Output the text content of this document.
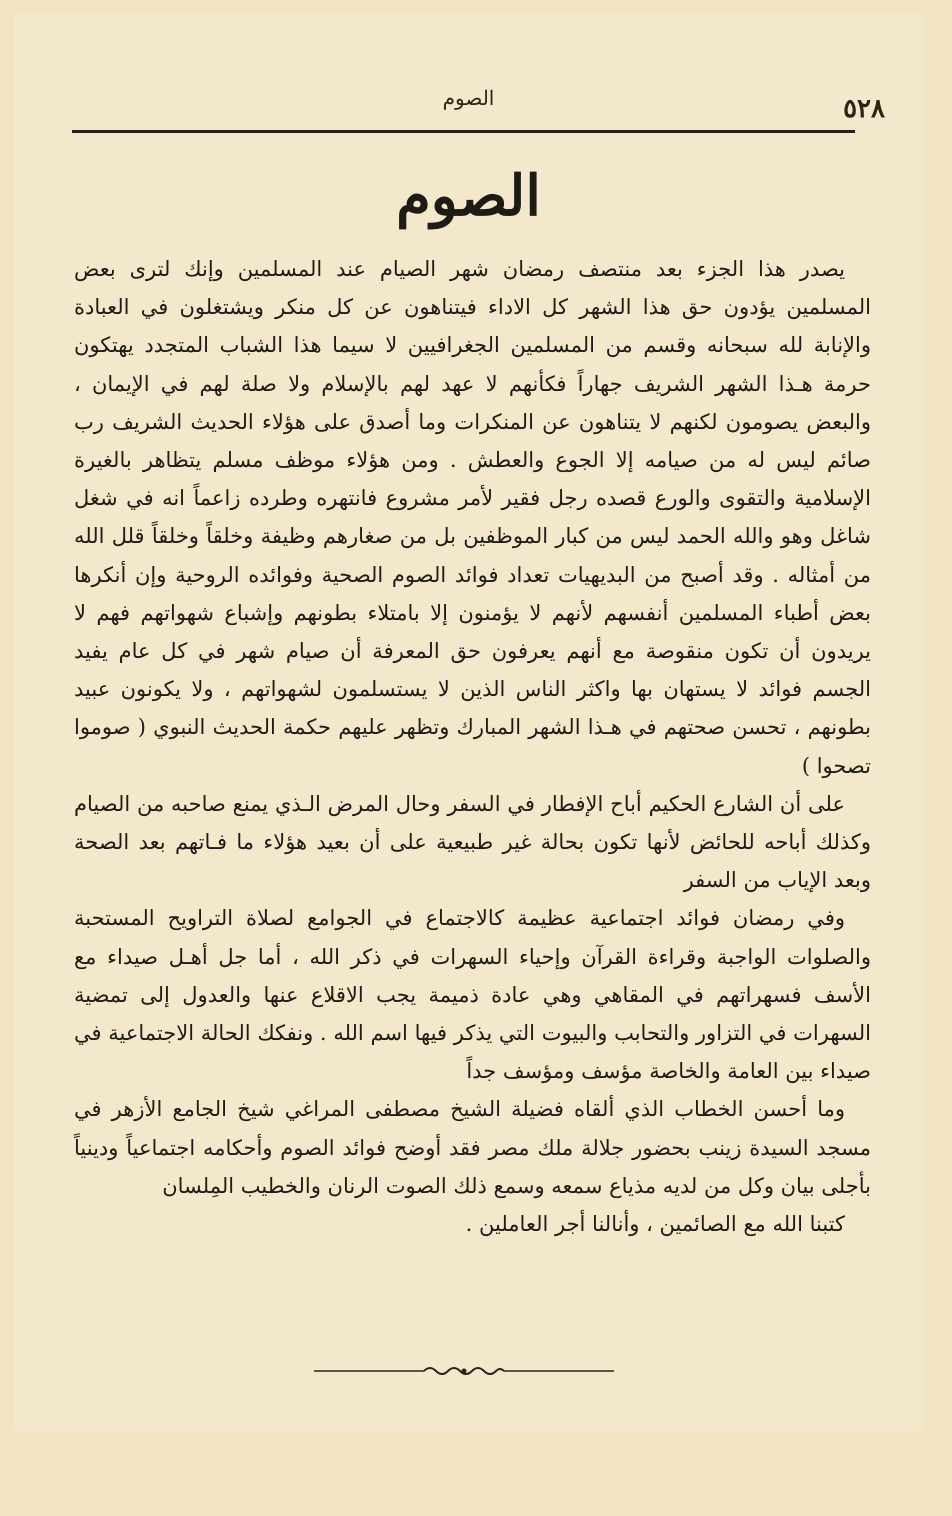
٥٢٨
الصوم
الصوم

يصدر هذا الجزء بعد منتصف رمضان شهر الصيام عند المسلمين وإنك لترى بعض المسلمين يؤدون حق هذا الشهر كل الاداء فيتناهون عن كل منكر ويشتغلون في العبادة والإنابة لله سبحانه وقسم من المسلمين الجغرافيين لا سيما هذا الشباب المتجدد يهتكون حرمة هـذا الشهر الشريف جهاراً فكأنهم لا عهد لهم بالإسلام ولا صلة لهم في الإيمان ، والبعض يصومون لكنهم لا يتناهون عن المنكرات وما أصدق على هؤلاء الحديث الشريف رب صائم ليس له من صيامه إلا الجوع والعطش . ومن هؤلاء موظف مسلم يتظاهر بالغيرة الإسلامية والتقوى والورع قصده رجل فقير لأمر مشروع فانتهره وطرده زاعماً انه في شغل شاغل وهو والله الحمد ليس من كبار الموظفين بل من صغارهم وظيفة وخلقاً وخلقاً قلل الله من أمثاله . وقد أصبح من البديهيات تعداد فوائد الصوم الصحية وفوائده الروحية وإن أنكرها بعض أطباء المسلمين أنفسهم لأنهم لا يؤمنون إلا بامتلاء بطونهم وإشباع شهواتهم فهم لا يريدون أن تكون منقوصة مع أنهم يعرفون حق المعرفة أن صيام شهر في كل عام يفيد الجسم فوائد لا يستهان بها واكثر الناس الذين لا يستسلمون لشهواتهم ، ولا يكونون عبيد بطونهم ، تحسن صحتهم في هـذا الشهر المبارك وتظهر عليهم حكمة الحديث النبوي ( صوموا تصحوا )

على أن الشارع الحكيم أباح الإفطار في السفر وحال المرض الـذي يمنع صاحبه من الصيام وكذلك أباحه للحائض لأنها تكون بحالة غير طبيعية على أن بعيد هؤلاء ما فـاتهم بعد الصحة وبعد الإياب من السفر

وفي رمضان فوائد اجتماعية عظيمة كالاجتماع في الجوامع لصلاة التراويح المستحبة والصلوات الواجبة وقراءة القرآن وإحياء السهرات في ذكر الله ، أما جل أهـل صيداء مع الأسف فسهراتهم في المقاهي وهي عادة ذميمة يجب الاقلاع عنها والعدول إلى تمضية السهرات في التزاور والتحابب والبيوت التي يذكر فيها اسم الله . ونفكك الحالة الاجتماعية في صيداء بين العامة والخاصة مؤسف ومؤسف جداً

وما أحسن الخطاب الذي ألقاه فضيلة الشيخ مصطفى المراغي شيخ الجامع الأزهر في مسجد السيدة زينب بحضور جلالة ملك مصر فقد أوضح فوائد الصوم وأحكامه اجتماعياً ودينياً بأجلى بيان وكل من لديه مذياع سمعه وسمع ذلك الصوت الرنان والخطيب المِلسان

كتبنا الله مع الصائمين ، وأنالنا أجر العاملين .
